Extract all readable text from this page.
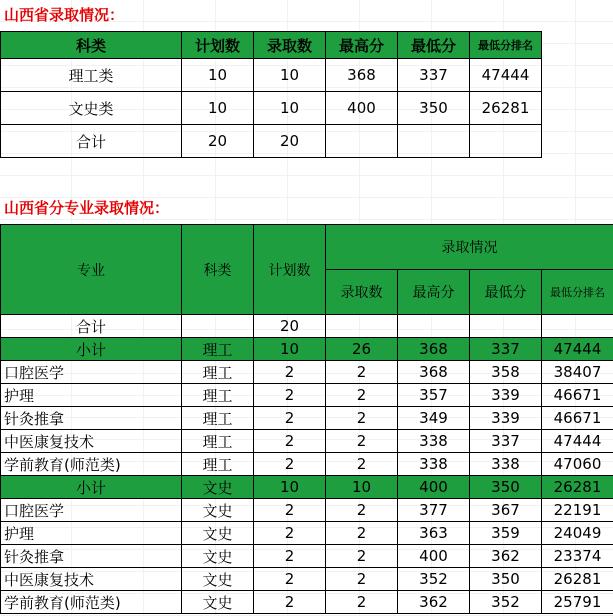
山西省录取情况：
科类	计划数	录取数	最高分	最低分	最低分排名
理工类	10	10	368	337	47444
文史类	10	10	400	350	26281
合计	20	20			
山西省分专业录取情况：
专业	科类	计划数	录取情况			
			录取数	最高分	最低分	最低分排名
合计		20				
小计	理工	10	26	368	337	47444
口腔医学	理工	2	2	368	358	38407
护理	理工	2	2	357	339	46671
针灸推拿	理工	2	2	349	339	46671
中医康复技术	理工	2	2	338	337	47444
学前教育(师范类)	理工	2	2	338	338	47060
小计	文史	10	10	400	350	26281
口腔医学	文史	2	2	377	367	22191
护理	文史	2	2	363	359	24049
针灸推拿	文史	2	2	400	362	23374
中医康复技术	文史	2	2	352	350	26281
学前教育(师范类)	文史	2	2	362	352	25791
